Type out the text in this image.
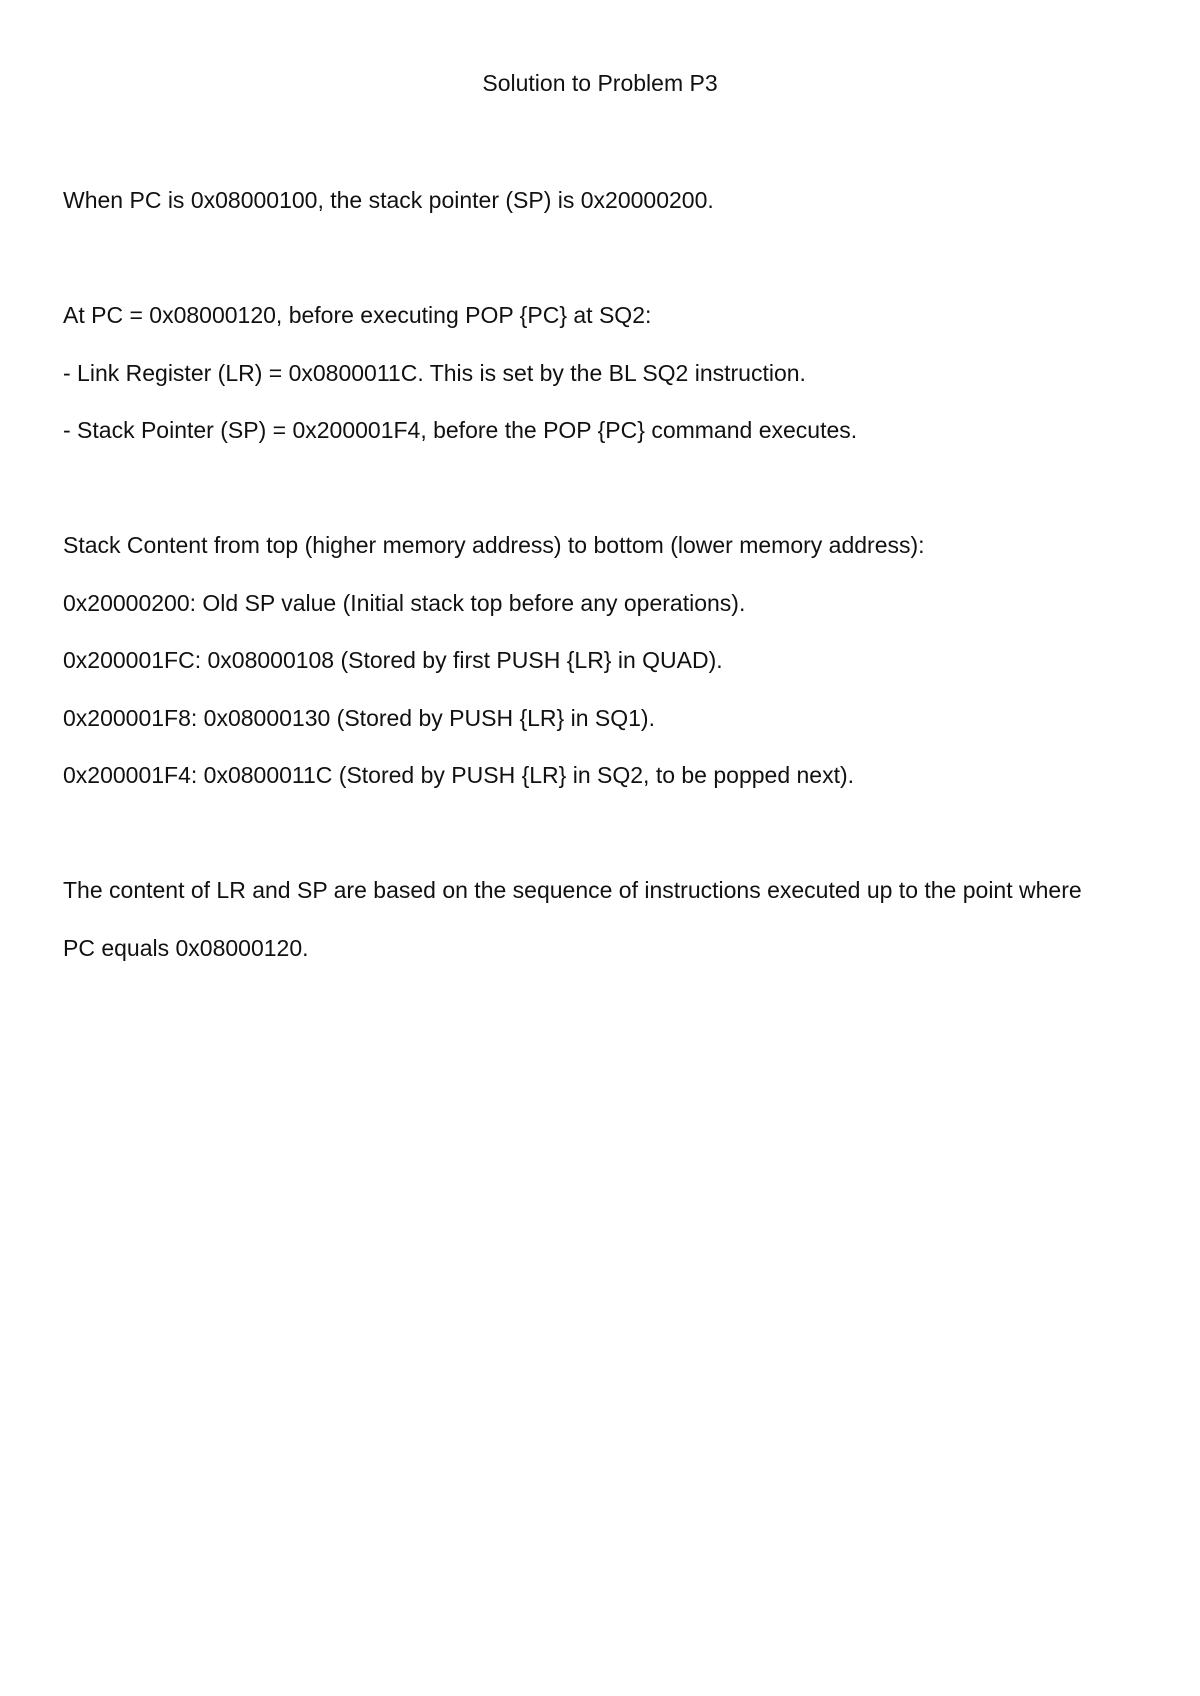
Solution to Problem P3
When PC is 0x08000100, the stack pointer (SP) is 0x20000200.
At PC = 0x08000120, before executing POP {PC} at SQ2:
- Link Register (LR) = 0x0800011C. This is set by the BL SQ2 instruction.
- Stack Pointer (SP) = 0x200001F4, before the POP {PC} command executes.
Stack Content from top (higher memory address) to bottom (lower memory address):
0x20000200: Old SP value (Initial stack top before any operations).
0x200001FC: 0x08000108 (Stored by first PUSH {LR} in QUAD).
0x200001F8: 0x08000130 (Stored by PUSH {LR} in SQ1).
0x200001F4: 0x0800011C (Stored by PUSH {LR} in SQ2, to be popped next).
The content of LR and SP are based on the sequence of instructions executed up to the point where
PC equals 0x08000120.
